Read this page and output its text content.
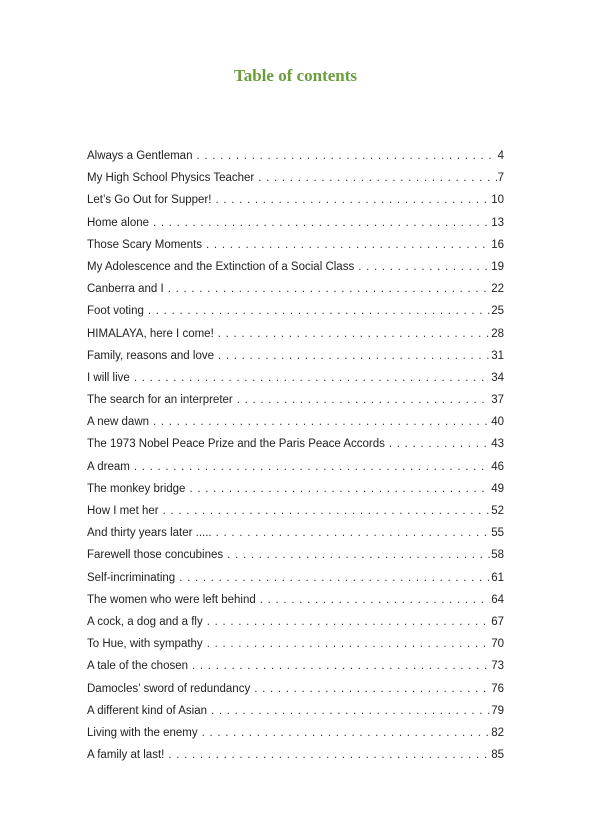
Table of contents
Always a Gentleman . . .	4
My High School Physics Teacher . . .	7
Let’s Go Out for Supper! . . .	10
Home alone . . .	13
Those Scary Moments . . .	16
My Adolescence and the Extinction of a Social Class . . .	19
Canberra and I . . .	22
Foot voting . . .	25
HIMALAYA, here I come! . . .	28
Family, reasons and love . . .	31
I will live . . .	34
The search for an interpreter . . .	37
A new dawn . . .	40
The 1973 Nobel Peace Prize and the Paris Peace Accords . . .	43
A dream . . .	46
The monkey bridge . . .	49
How I met her . . .	52
And thirty years later ..... . . .	55
Farewell those concubines . . .	58
Self-incriminating . . .	61
The women who were left behind . . .	64
A cock, a dog and a fly . . .	67
To Hue, with sympathy . . .	70
A tale of the chosen . . .	73
Damocles’ sword of redundancy . . .	76
A different kind of Asian . . .	79
Living with the enemy . . .	82
A family at last! . . .	85
